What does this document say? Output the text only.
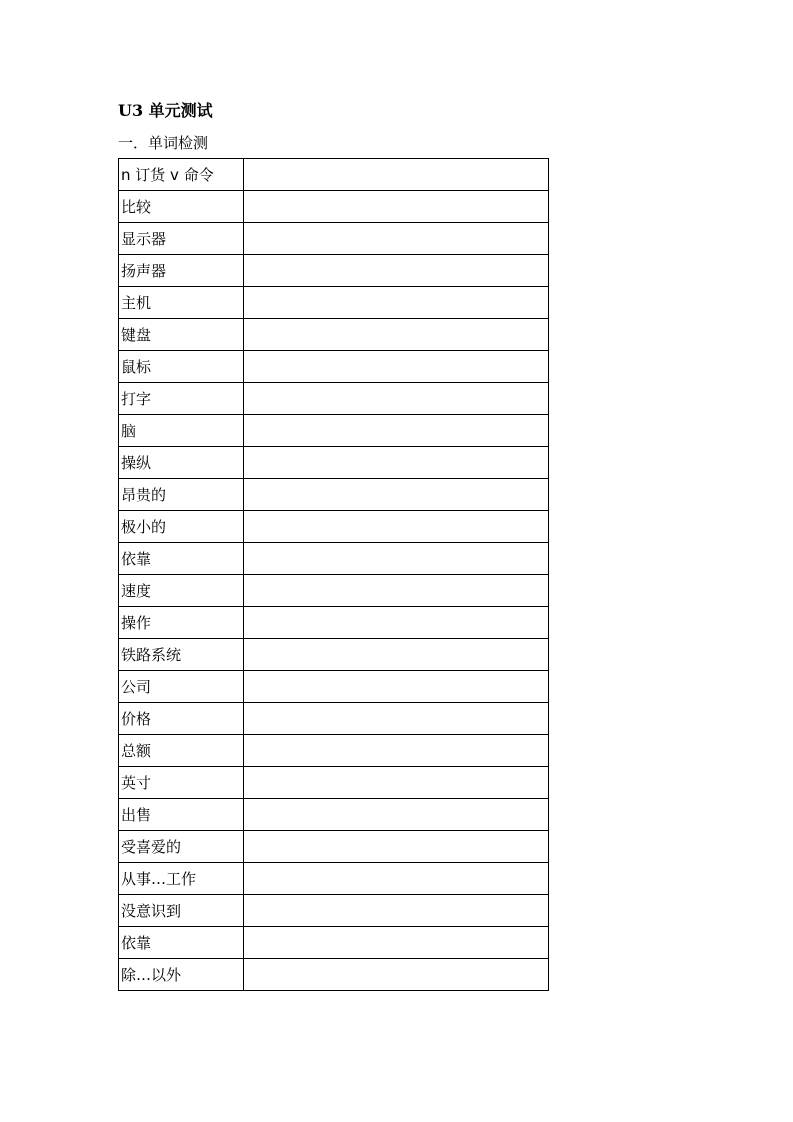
U3 单元测试
一．单词检测
n 订货 v 命令	
比较	
显示器	
扬声器	
主机	
键盘	
鼠标	
打字	
脑	
操纵	
昂贵的	
极小的	
依靠	
速度	
操作	
铁路系统	
公司	
价格	
总额	
英寸	
出售	
受喜爱的	
从事…工作	
没意识到	
依靠	
除…以外	
